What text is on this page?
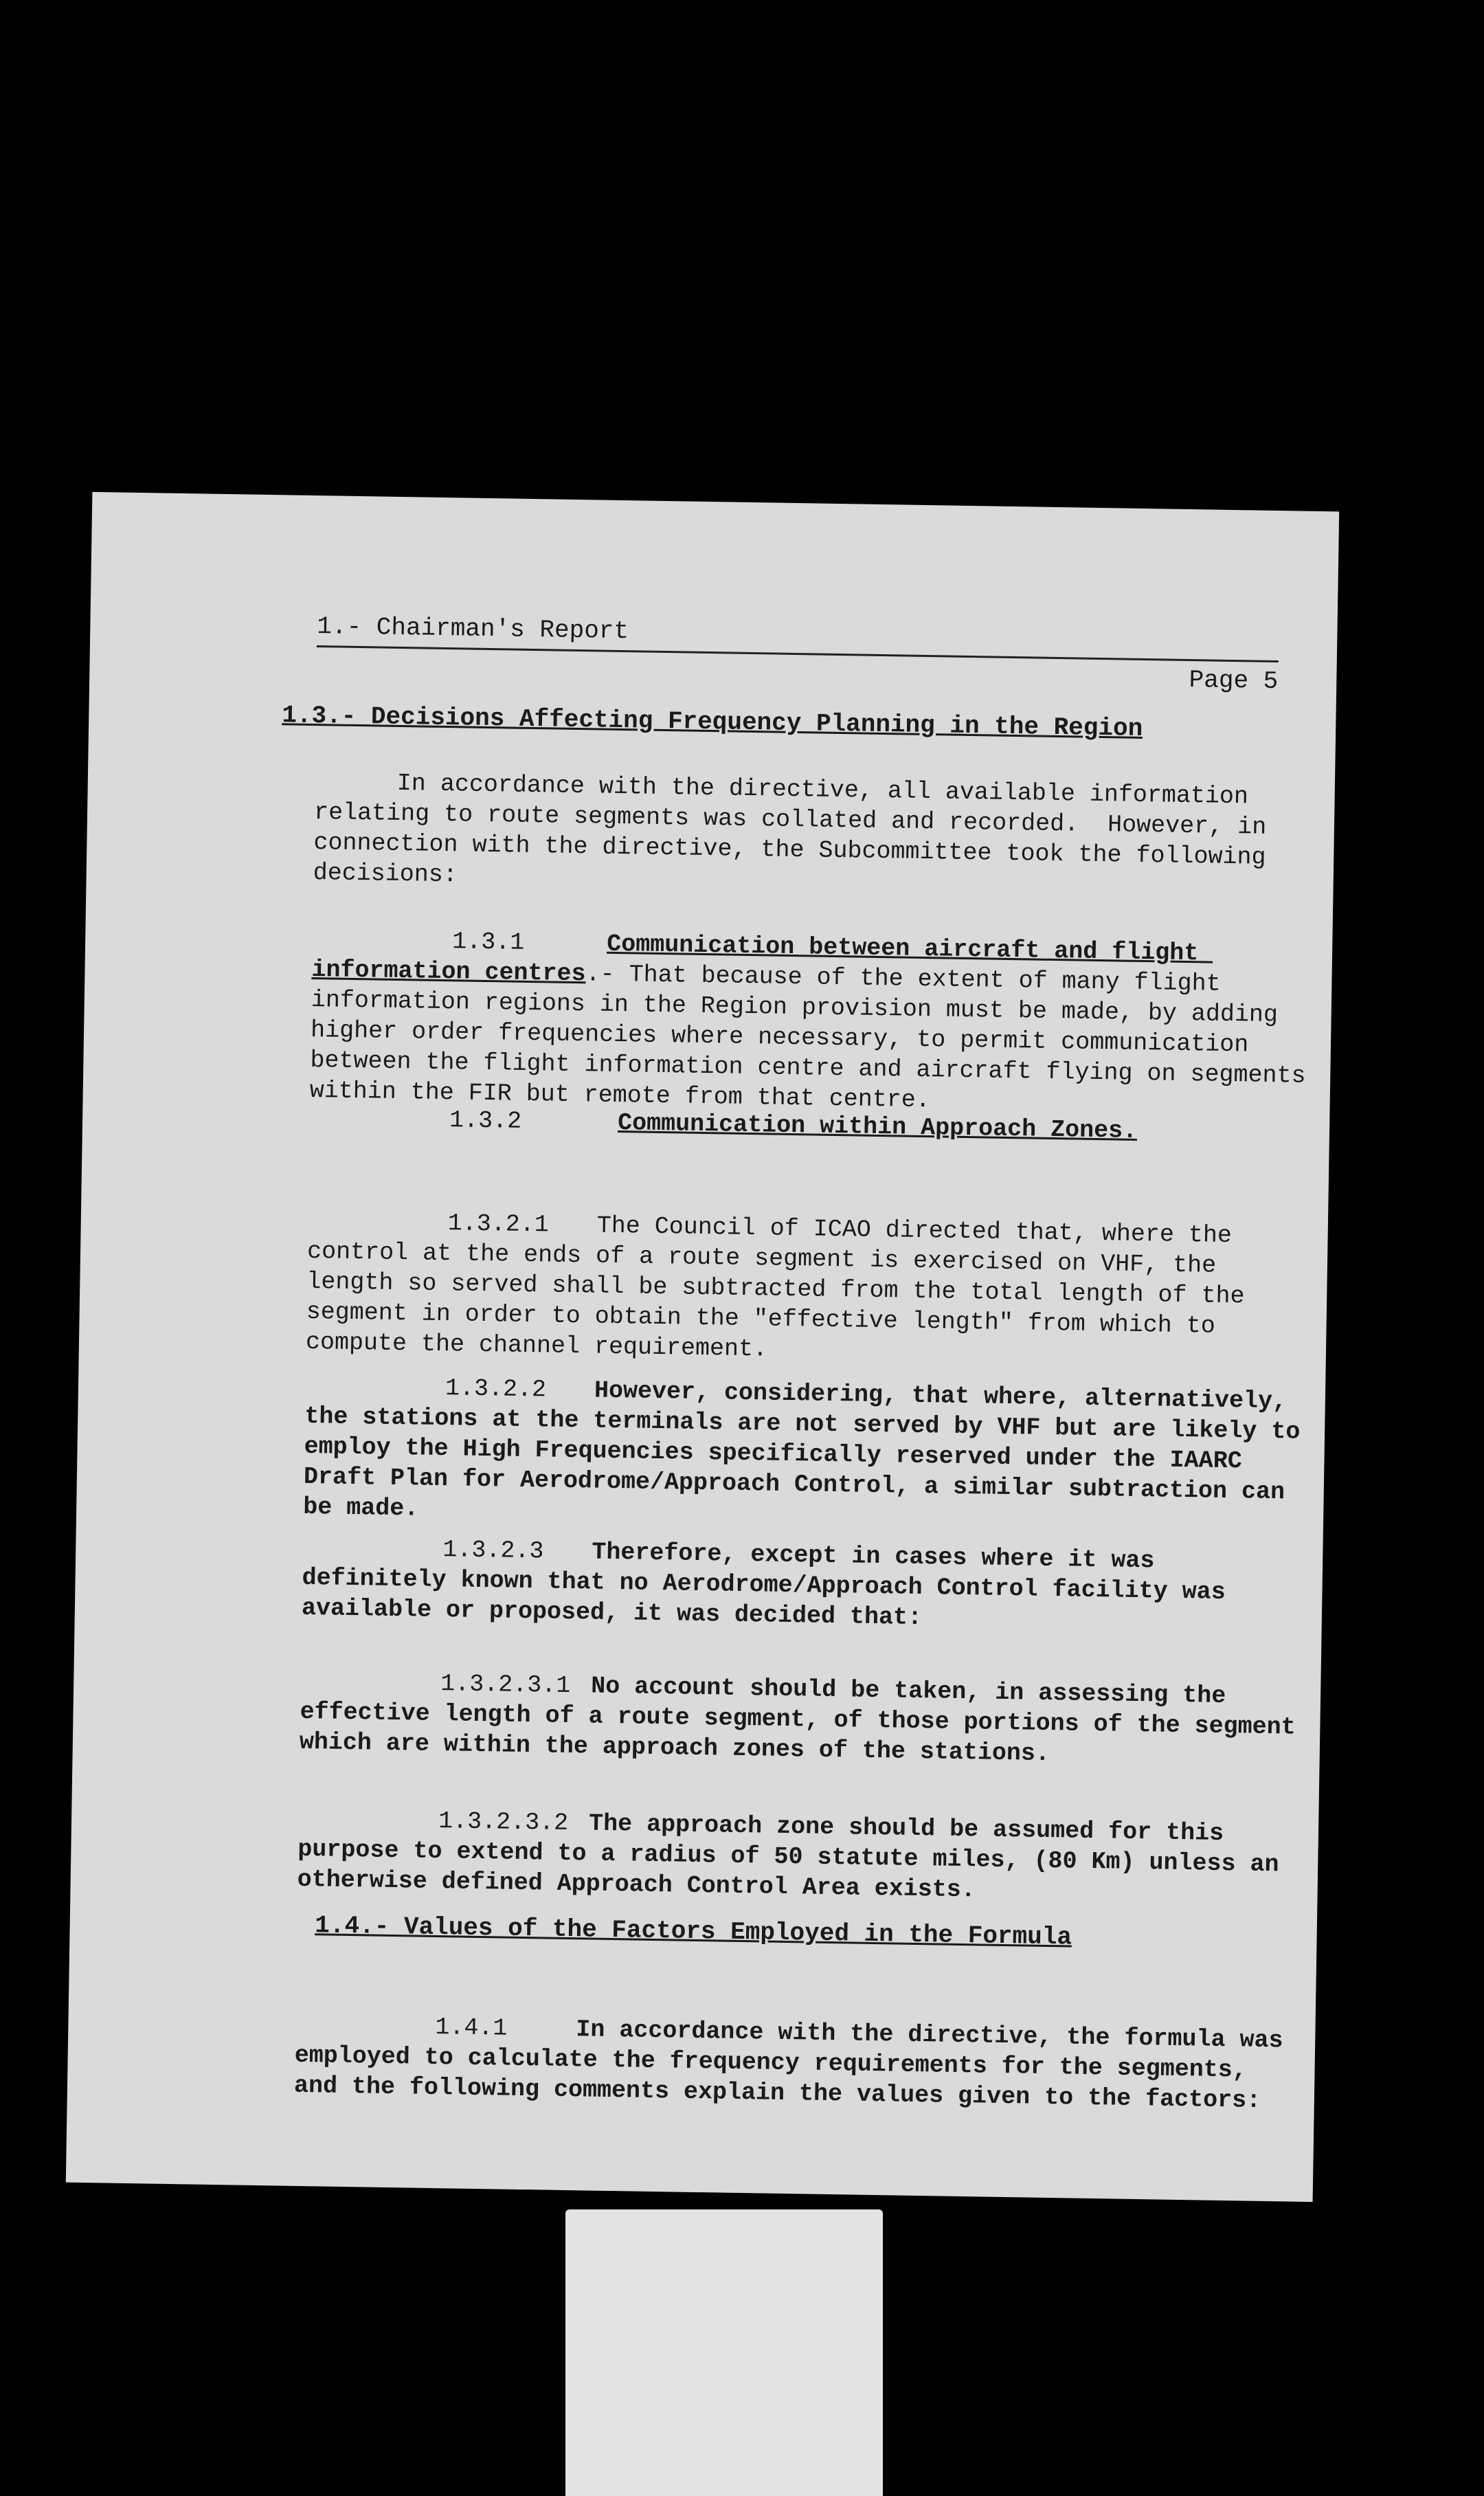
1.- Chairman's Report
Page 5
1.3.- Decisions Affecting Frequency Planning in the Region
In accordance with the directive, all available information relating to route segments was collated and recorded.  However, in connection with the directive, the Subcommittee took the following decisions:

1.3.1	Communication between aircraft and flight information centres.- That because of the extent of many flight information regions in the Region provision must be made, by adding higher order frequencies where necessary, to permit communication between the flight information centre and aircraft flying on segments within the FIR but remote from that centre.

1.3.2	Communication within Approach Zones.

1.3.2.1 The Council of ICAO directed that, where the control at the ends of a route segment is exercised on VHF, the length so served shall be subtracted from the total length of the segment in order to obtain the "effective length" from which to compute the channel requirement.

1.3.2.2 However, considering, that where, alternatively, the stations at the terminals are not served by VHF but are likely to employ the High Frequencies specifically reserved under the IAARC Draft Plan for Aerodrome/Approach Control, a similar subtraction can be made.

1.3.2.3 Therefore, except in cases where it was definitely known that no Aerodrome/Approach Control facility was available or proposed, it was decided that:

1.3.2.3.1 No account should be taken, in assessing the effective length of a route segment, of those portions of the segment which are within the approach zones of the stations.

1.3.2.3.2 The approach zone should be assumed for this purpose to extend to a radius of 50 statute miles, (80 Km) unless an otherwise defined Approach Control Area exists.

1.4.- Values of the Factors Employed in the Formula

1.4.1	In accordance with the directive, the formula was employed to calculate the frequency requirements for the segments, and the following comments explain the values given to the factors:
